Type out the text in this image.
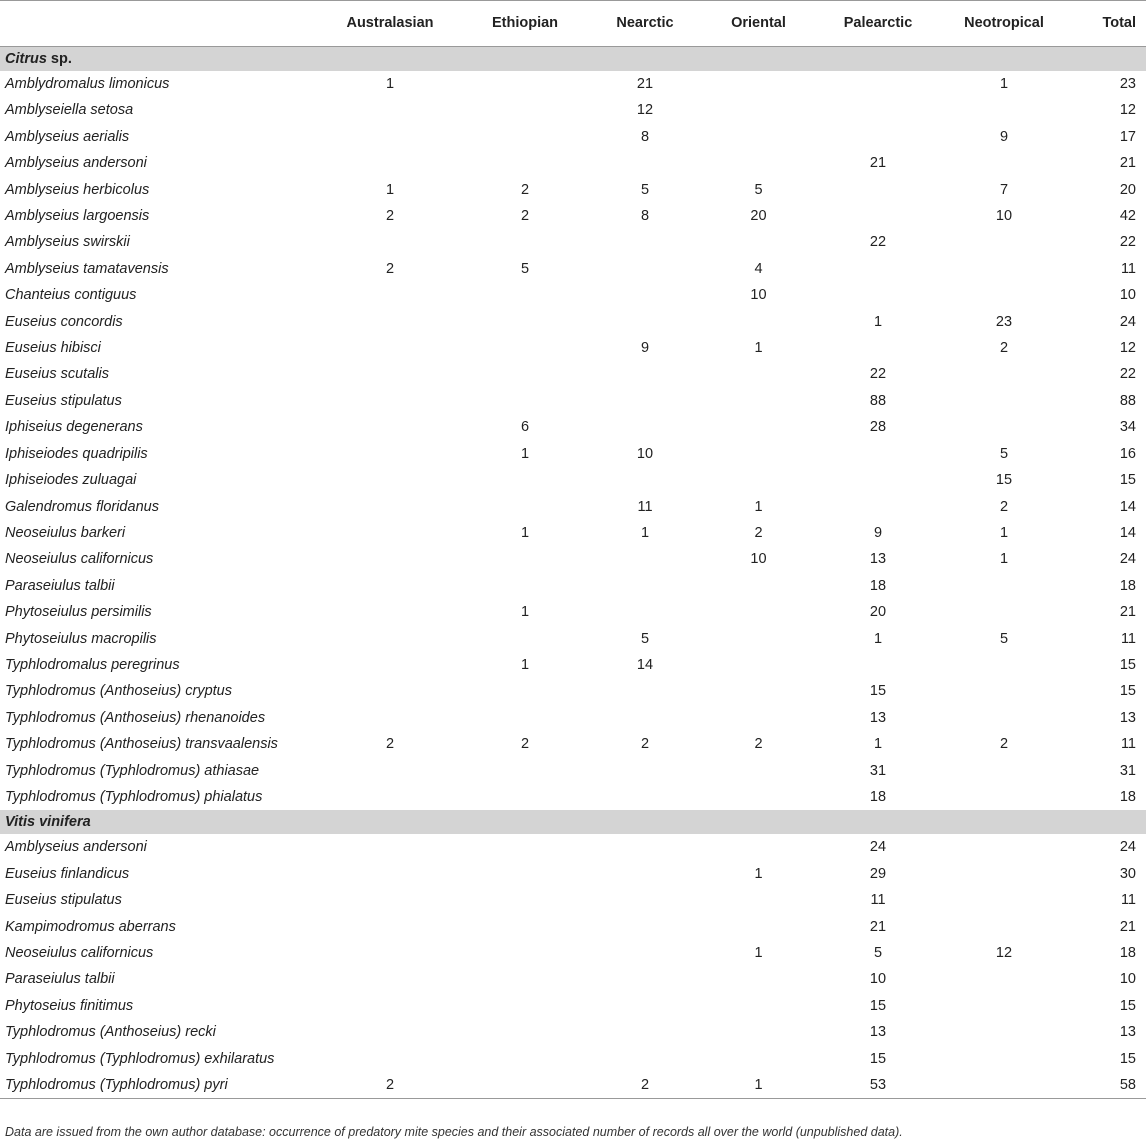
	Australasian	Ethiopian	Nearctic	Oriental	Palearctic	Neotropical	Total
Citrus sp.							
Amblydromalus limonicus	1		21			1	23
Amblyseiella setosa			12				12
Amblyseius aerialis			8			9	17
Amblyseius andersoni					21		21
Amblyseius herbicolus	1	2	5	5		7	20
Amblyseius largoensis	2	2	8	20		10	42
Amblyseius swirskii					22		22
Amblyseius tamatavensis	2	5		4			11
Chanteius contiguus				10			10
Euseius concordis					1	23	24
Euseius hibisci			9	1		2	12
Euseius scutalis					22		22
Euseius stipulatus					88		88
Iphiseius degenerans		6			28		34
Iphiseiodes quadripilis		1	10			5	16
Iphiseiodes zuluagai						15	15
Galendromus floridanus			11	1		2	14
Neoseiulus barkeri		1	1	2	9	1	14
Neoseiulus californicus				10	13	1	24
Paraseiulus talbii					18		18
Phytoseiulus persimilis		1			20		21
Phytoseiulus macropilis			5		1	5	11
Typhlodromalus peregrinus		1	14				15
Typhlodromus (Anthoseius) cryptus					15		15
Typhlodromus (Anthoseius) rhenanoides					13		13
Typhlodromus (Anthoseius) transvaalensis	2	2	2	2	1	2	11
Typhlodromus (Typhlodromus) athiasae					31		31
Typhlodromus (Typhlodromus) phialatus					18		18
Vitis vinifera							
Amblyseius andersoni					24		24
Euseius finlandicus				1	29		30
Euseius stipulatus					11		11
Kampimodromus aberrans					21		21
Neoseiulus californicus				1	5	12	18
Paraseiulus talbii					10		10
Phytoseius finitimus					15		15
Typhlodromus (Anthoseius) recki					13		13
Typhlodromus (Typhlodromus) exhilaratus					15		15
Typhlodromus (Typhlodromus) pyri	2		2	1	53		58
Data are issued from the own author database: occurrence of predatory mite species and their associated number of records all over the world (unpublished data).
